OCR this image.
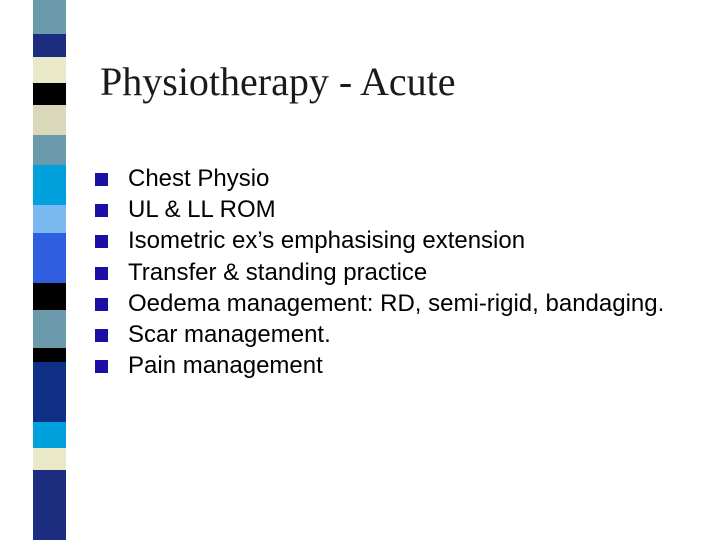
Physiotherapy - Acute
Chest Physio
UL & LL ROM
Isometric ex’s emphasising extension
Transfer & standing practice
Oedema management: RD, semi-rigid, bandaging.
Scar management.
Pain management
